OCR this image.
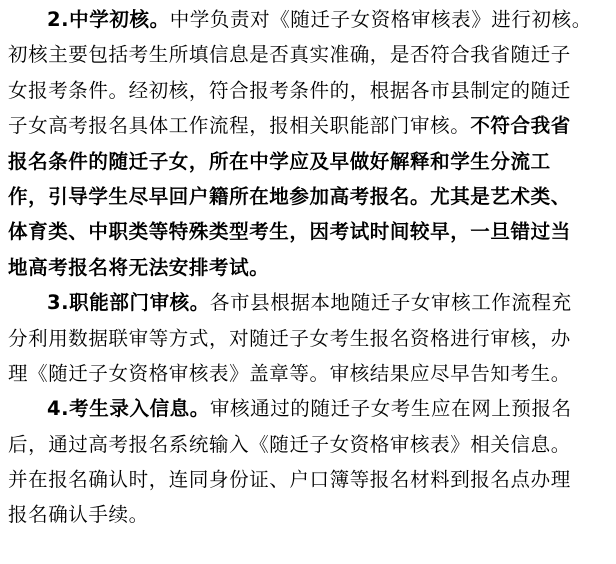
2.中学初核。中学负责对《随迁子女资格审核表》进行初核。
初核主要包括考生所填信息是否真实准确，是否符合我省随迁子
女报考条件。经初核，符合报考条件的，根据各市县制定的随迁
子女高考报名具体工作流程，报相关职能部门审核。不符合我省
报名条件的随迁子女，所在中学应及早做好解释和学生分流工
作，引导学生尽早回户籍所在地参加高考报名。尤其是艺术类、
体育类、中职类等特殊类型考生，因考试时间较早，一旦错过当
地高考报名将无法安排考试。
3.职能部门审核。各市县根据本地随迁子女审核工作流程充
分利用数据联审等方式，对随迁子女考生报名资格进行审核，办
理《随迁子女资格审核表》盖章等。审核结果应尽早告知考生。
4.考生录入信息。审核通过的随迁子女考生应在网上预报名
后，通过高考报名系统输入《随迁子女资格审核表》相关信息。
并在报名确认时，连同身份证、户口簿等报名材料到报名点办理
报名确认手续。
